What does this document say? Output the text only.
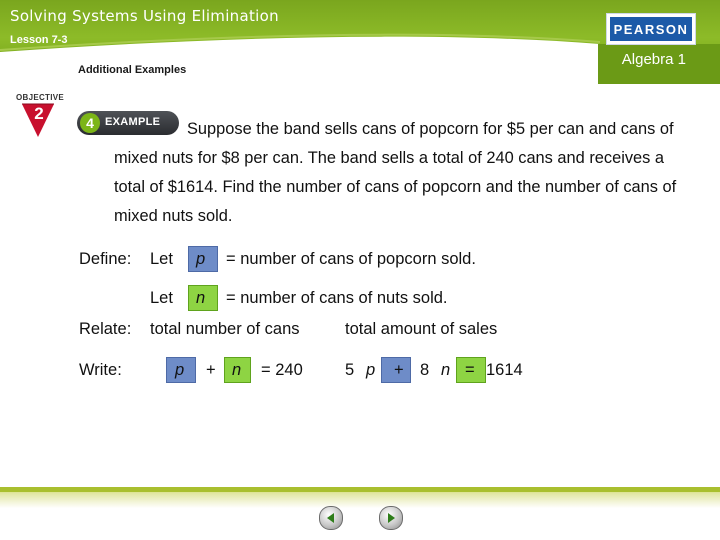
Solving Systems Using Elimination
Lesson 7-3
Additional Examples
Algebra 1
PEARSON
OBJECTIVE
2	4	EXAMPLE	Suppose the band sells cans of popcorn for $5 per can and cans of mixed nuts for $8 per can. The band sells a total of 240 cans and receives a total of $1614. Find the number of cans of popcorn and the number of cans of mixed nuts sold.
Define: Let p = number of cans of popcorn sold.
Let n = number of cans of nuts sold.
Relate: total number of cans	total amount of sales
Write:	p + n = 240	5 p + 8 n = 1614
